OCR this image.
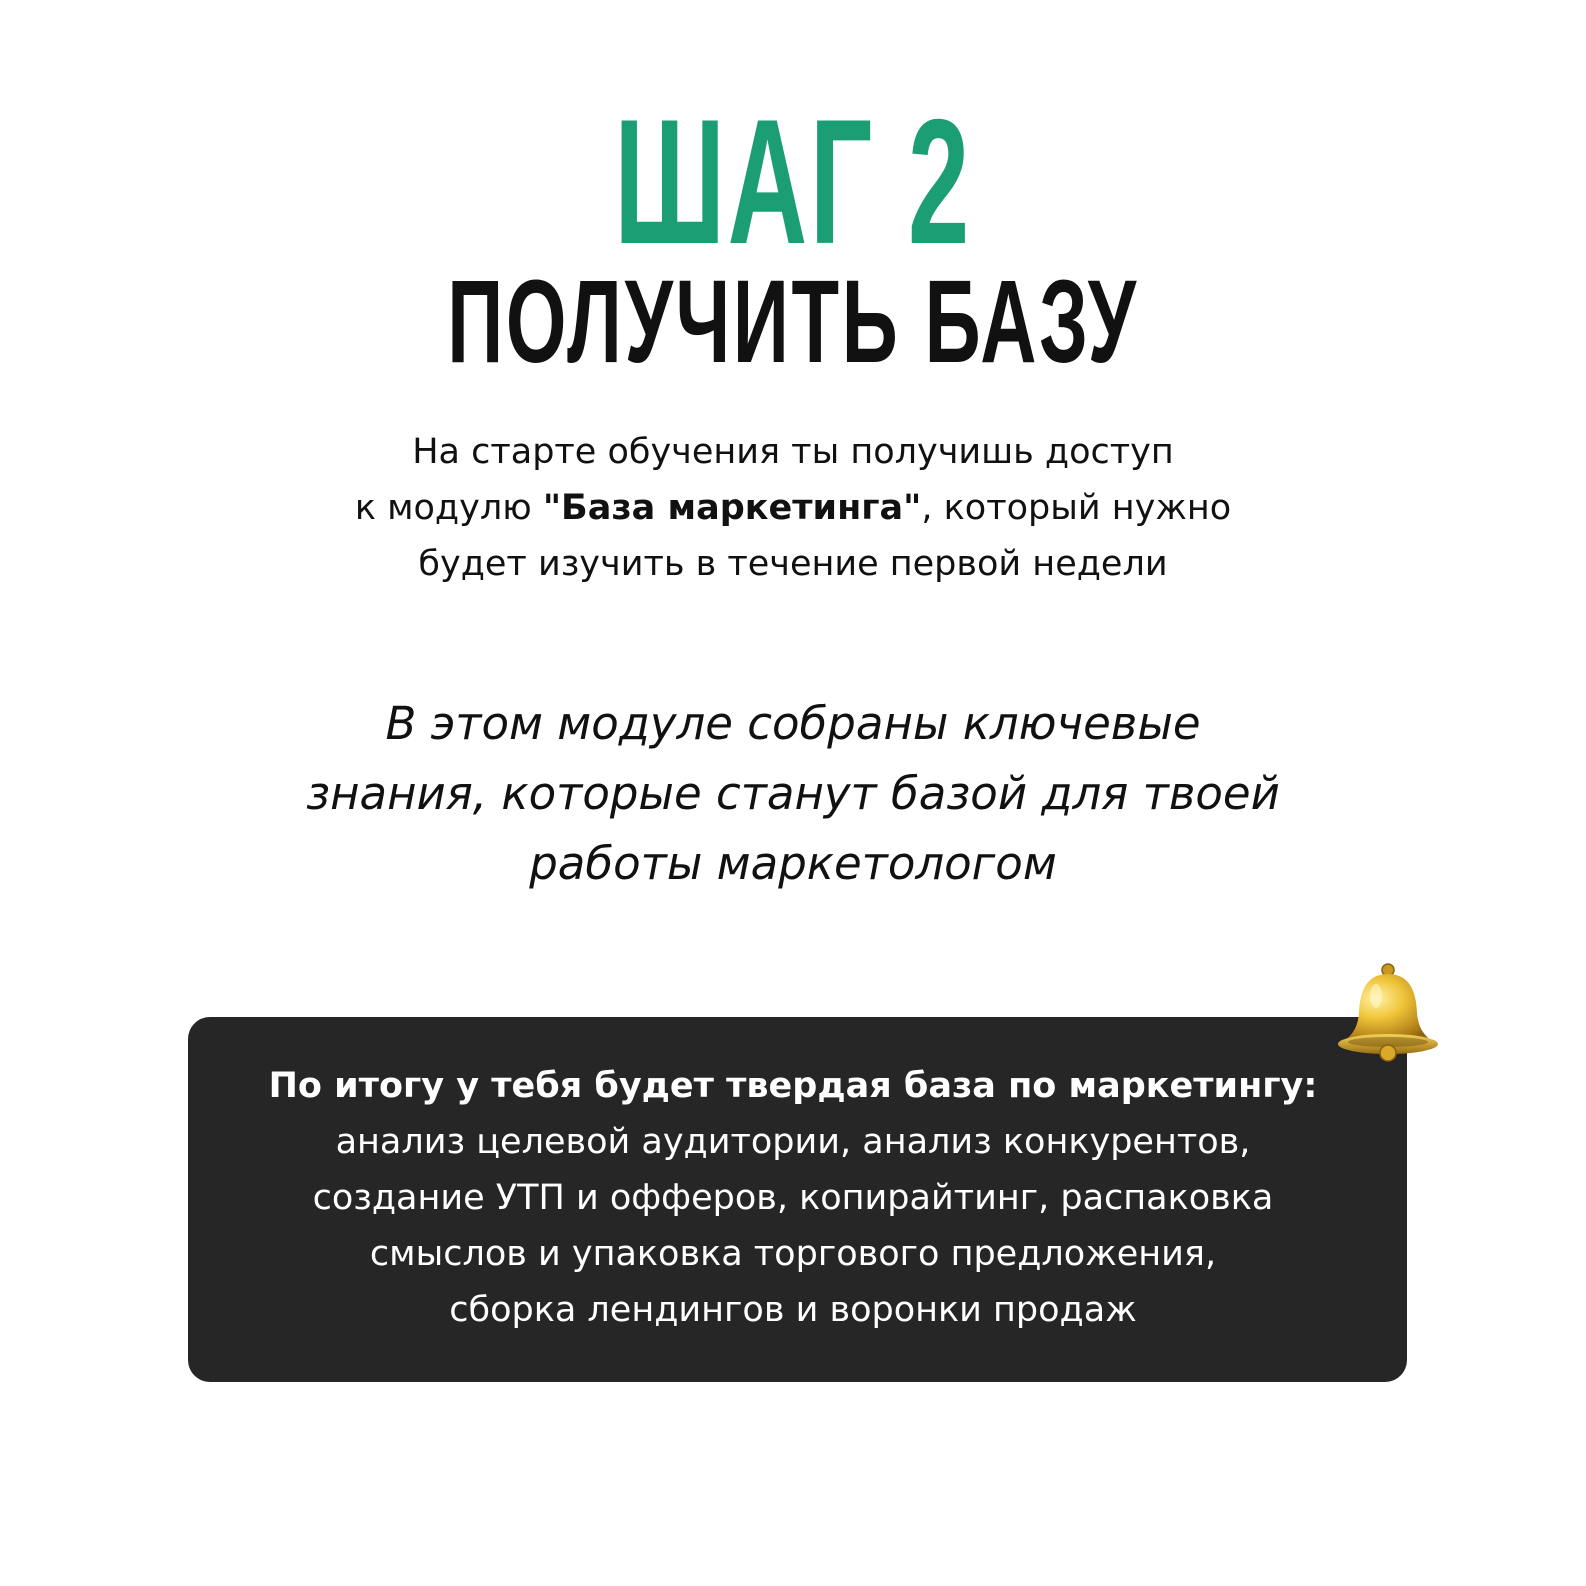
ШАГ 2
ПОЛУЧИТЬ БАЗУ

На старте обучения ты получишь доступ

к модулю "База маркетинга", который нужно

будет изучить в течение первой недели

В этом модуле собраны ключевые

знания, которые станут базой для твоей

работы маркетологом

По итогу у тебя будет твердая база по маркетингу:

анализ целевой аудитории, анализ конкурентов,

создание УТП и офферов, копирайтинг, распаковка

смыслов и упаковка торгового предложения,

сборка лендингов и воронки продаж
